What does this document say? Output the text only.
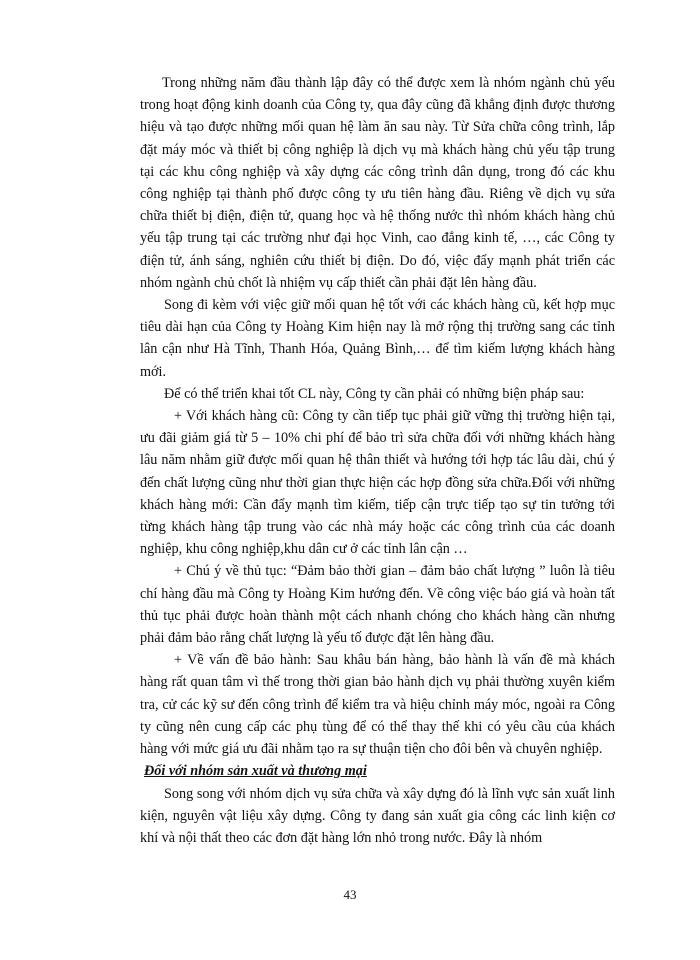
Trong những năm đầu thành lập đây có thể được xem là nhóm ngành chủ yếu trong hoạt động kinh doanh của Công ty, qua đây cũng đã khẳng định được thương hiệu và tạo được những mối quan hệ làm ăn sau này. Từ Sửa chữa công trình, lắp đặt máy móc và thiết bị công nghiệp là dịch vụ mà khách hàng chủ yếu tập trung tại các khu công nghiệp và xây dựng các công trình dân dụng, trong đó các khu công nghiệp tại thành phố được công ty ưu tiên hàng đầu. Riêng về dịch vụ sửa chữa thiết bị điện, điện tử, quang học và hệ thống nước thì nhóm khách hàng chủ yếu tập trung tại các trường như đại học Vinh, cao đẳng kinh tế, …, các Công ty điện tử, ánh sáng, nghiên cứu thiết bị điện. Do đó, việc đẩy mạnh phát triển các nhóm ngành chủ chốt là nhiệm vụ cấp thiết cần phải đặt lên hàng đầu.

Song đi kèm với việc giữ mối quan hệ tốt với các khách hàng cũ, kết hợp mục tiêu dài hạn của Công ty Hoàng Kim hiện nay là mở rộng thị trường sang các tỉnh lân cận như Hà Tĩnh, Thanh Hóa, Quảng Bình,… để tìm kiếm lượng khách hàng mới.

Để có thể triển khai tốt CL này, Công ty cần phải có những biện pháp sau:

+ Với khách hàng cũ: Công ty cần tiếp tục phải giữ vững thị trường hiện tại, ưu đãi giảm giá từ 5 – 10% chi phí để bảo trì sửa chữa đối với những khách hàng lâu năm nhằm giữ được mối quan hệ thân thiết và hướng tới hợp tác lâu dài, chú ý đến chất lượng cũng như thời gian thực hiện các hợp đồng sửa chữa.Đối với những khách hàng mới: Cần đẩy mạnh tìm kiếm, tiếp cận trực tiếp tạo sự tin tưởng tới từng khách hàng tập trung vào các nhà máy hoặc các công trình của các doanh nghiệp, khu công nghiệp,khu dân cư ở các tỉnh lân cận …

+ Chú ý về thủ tục: “Đảm bảo thời gian – đảm bảo chất lượng ” luôn là tiêu chí hàng đầu mà Công ty Hoàng Kim hướng đến. Về công việc báo giá và hoàn tất thủ tục phải được hoàn thành một cách nhanh chóng cho khách hàng cần nhưng phải đảm bảo rằng chất lượng là yếu tố được đặt lên hàng đầu.

+ Về vấn đề bảo hành: Sau khâu bán hàng, bảo hành là vấn đề mà khách hàng rất quan tâm vì thế trong thời gian bảo hành dịch vụ phải thường xuyên kiểm tra, cử các kỹ sư đến công trình để kiểm tra và hiệu chỉnh máy móc, ngoài ra Công ty cũng nên cung cấp các phụ tùng để có thể thay thế khi có yêu cầu của khách hàng với mức giá ưu đãi nhằm tạo ra sự thuận tiện cho đôi bên và chuyên nghiệp.

Đối với nhóm sản xuất và thương mại

Song song với nhóm dịch vụ sửa chữa và xây dựng đó là lĩnh vực sản xuất linh kiện, nguyên vật liệu xây dựng. Công ty đang sản xuất gia công các linh kiện cơ khí và nội thất theo các đơn đặt hàng lớn nhỏ trong nước. Đây là nhóm

43
